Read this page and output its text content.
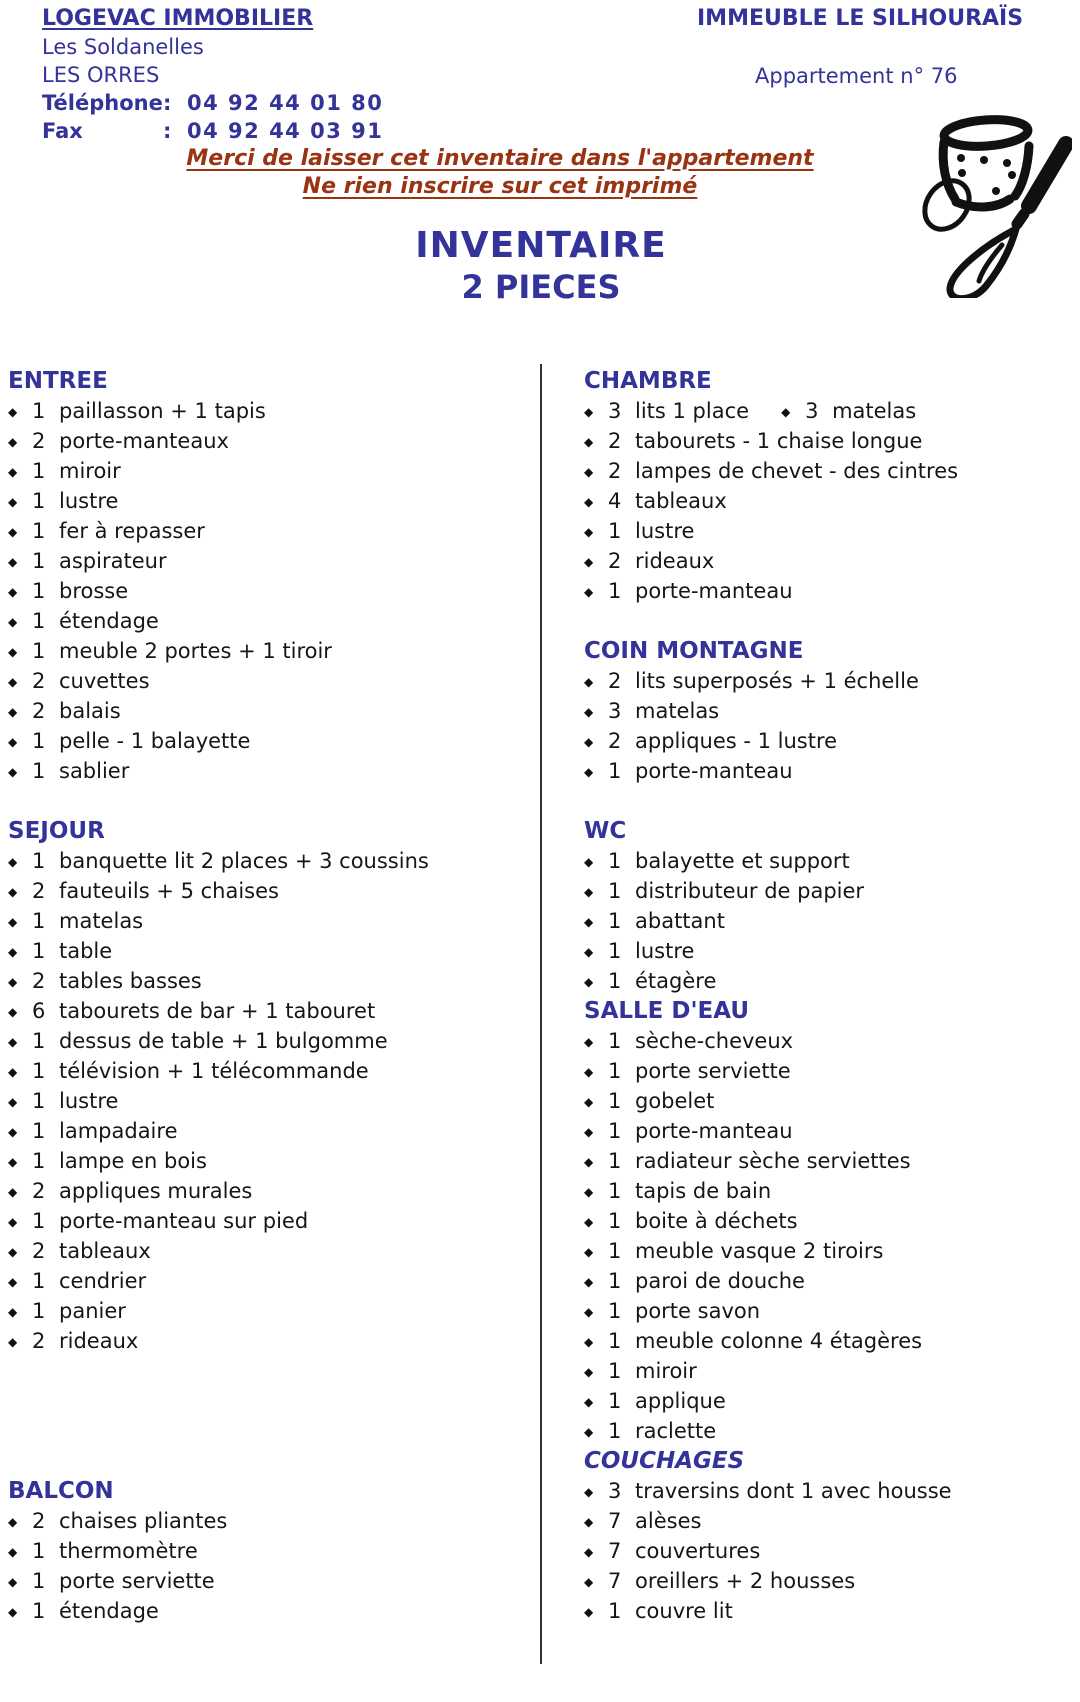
LOGEVAC IMMOBILIER
Les Soldanelles
LES ORRES
Téléphone: 04 92 44 01 80
Fax	: 04 92 44 03 91
IMMEUBLE LE SILHOURAÏS
Appartement n° 76
Merci de laisser cet inventaire dans l'appartement
Ne rien inscrire sur cet imprimé
INVENTAIRE
2 PIECES
ENTREE
◆ 1 paillasson + 1 tapis
◆ 2 porte-manteaux
◆ 1 miroir
◆ 1 lustre
◆ 1 fer à repasser
◆ 1 aspirateur
◆ 1 brosse
◆ 1 étendage
◆ 1 meuble 2 portes + 1 tiroir
◆ 2 cuvettes
◆ 2 balais
◆ 1 pelle - 1 balayette
◆ 1 sablier
SEJOUR
◆ 1 banquette lit 2 places + 3 coussins
◆ 2 fauteuils + 5 chaises
◆ 1 matelas
◆ 1 table
◆ 2 tables basses
◆ 6 tabourets de bar + 1 tabouret
◆ 1 dessus de table + 1 bulgomme
◆ 1 télévision + 1 télécommande
◆ 1 lustre
◆ 1 lampadaire
◆ 1 lampe en bois
◆ 2 appliques murales
◆ 1 porte-manteau sur pied
◆ 2 tableaux
◆ 1 cendrier
◆ 1 panier
◆ 2 rideaux
BALCON
◆ 2 chaises pliantes
◆ 1 thermomètre
◆ 1 porte serviette
◆ 1 étendage
CHAMBRE
◆ 3 lits 1 place	◆ 3 matelas
◆ 2 tabourets - 1 chaise longue
◆ 2 lampes de chevet - des cintres
◆ 4 tableaux
◆ 1 lustre
◆ 2 rideaux
◆ 1 porte-manteau
COIN MONTAGNE
◆ 2 lits superposés + 1 échelle
◆ 3 matelas
◆ 2 appliques - 1 lustre
◆ 1 porte-manteau
WC
◆ 1 balayette et support
◆ 1 distributeur de papier
◆ 1 abattant
◆ 1 lustre
◆ 1 étagère
SALLE D'EAU
◆ 1 sèche-cheveux
◆ 1 porte serviette
◆ 1 gobelet
◆ 1 porte-manteau
◆ 1 radiateur sèche serviettes
◆ 1 tapis de bain
◆ 1 boite à déchets
◆ 1 meuble vasque 2 tiroirs
◆ 1 paroi de douche
◆ 1 porte savon
◆ 1 meuble colonne 4 étagères
◆ 1 miroir
◆ 1 applique
◆ 1 raclette
COUCHAGES
◆ 3 traversins dont 1 avec housse
◆ 7 alèses
◆ 7 couvertures
◆ 7 oreillers + 2 housses
◆ 1 couvre lit
